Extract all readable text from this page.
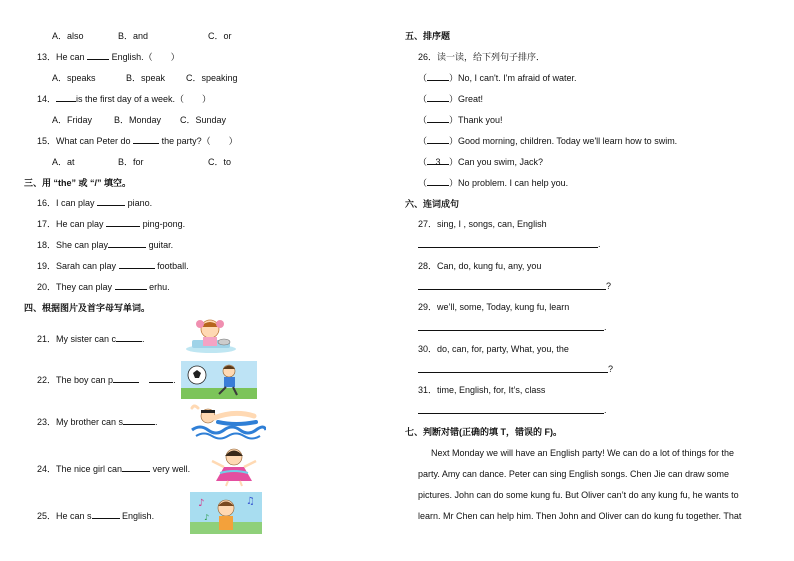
A．also	B．and	C．or
13．He can	English.（　　）
A．speaks	B．speak C．speaking
14． is the first day of a week.（　　）
A．Friday B．Monday C．Sunday
15．What can Peter do	the party?（　　）
A．at	B．for	C．to
三、用 “the” 或 “/” 填空。
16．I can play	piano.
17．He can play	ping-pong.
18．She can play	guitar.
19．Sarah can play	football.
20．They can play	erhu.
四、根据图片及首字母写单词。
21．My sister can c	.
22．The boy can p	.
23．My brother can s	.
24．The nice girl can	very well.
25．He can s	English.
♪	♫
♪
五、排序题
26．读一读，给下列句子排序．
（ ）No, I can't. I'm afraid of water.
（ ）Great!
（ ）Thank you!
（ ）Good morning, children. Today we'll learn how to swim.
（ 3 ）Can you swim, Jack?
（ ）No problem. I can help you.
六、连词成句
27．sing, I , songs, can, English
.
28．Can, do, kung fu, any, you
?
29．we’ll, some, Today, kung fu, learn
.
30．do, can, for, party, What, you, the
?
31．time, English, for, It’s, class
.
七、判断对错(正确的填 T，错误的 F)。
Next Monday we will have an English party! We can do a lot of things for the
party. Amy can dance. Peter can sing English songs. Chen Jie can draw some
pictures. John can do some kung fu. But Oliver can’t do any kung fu, he wants to
learn. Mr Chen can help him. Then John and Oliver can do kung fu together. That
